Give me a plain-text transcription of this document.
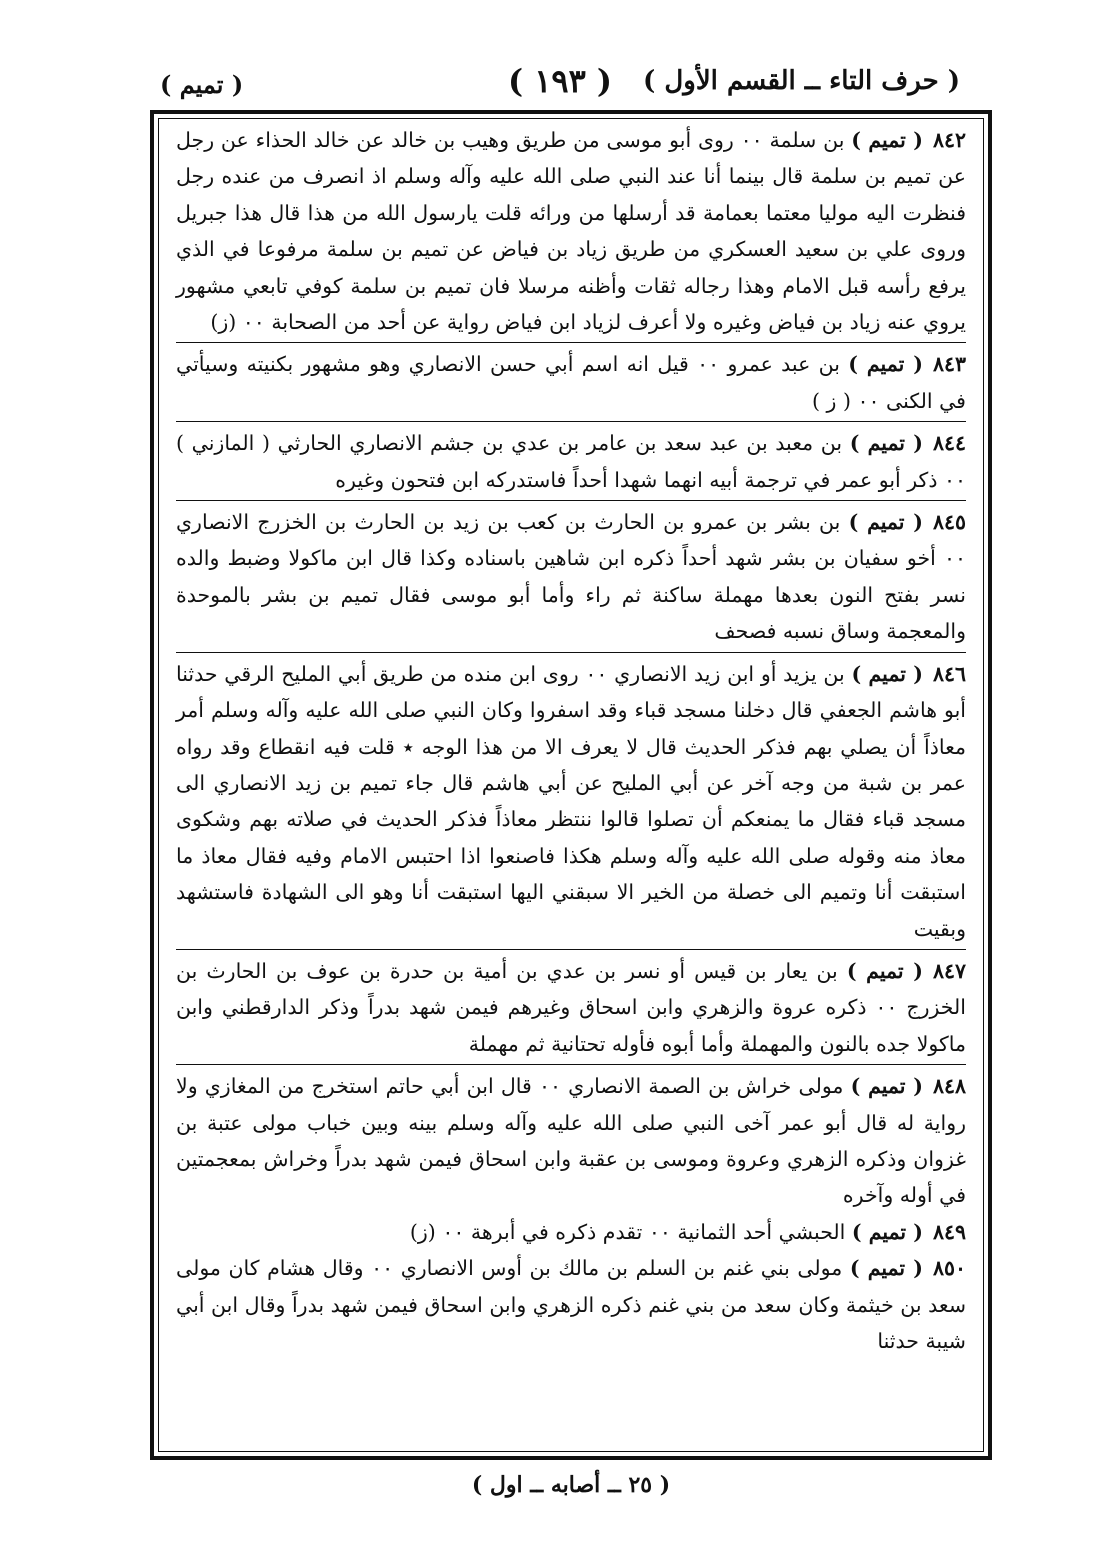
( حرف التاء ــ القسم الأول )
( ١٩٣ )
( تميم )

٨٤٢( تميم ) بن سلمة ٠٠ روى أبو موسى من طريق وهيب بن خالد عن خالد الحذاء عن رجل عن تميم بن سلمة قال بينما أنا عند النبي صلى الله عليه وآله وسلم اذ انصرف من عنده رجل فنظرت اليه موليا معتما بعمامة قد أرسلها من ورائه قلت يارسول الله من هذا قال هذا جبريل وروى علي بن سعيد العسكري من طريق زياد بن فياض عن تميم بن سلمة مرفوعا في الذي يرفع رأسه قبل الامام وهذا رجاله ثقات وأظنه مرسلا فان تميم بن سلمة كوفي تابعي مشهور يروي عنه زياد بن فياض وغيره ولا أعرف لزياد ابن فياض رواية عن أحد من الصحابة ٠٠ (ز)

٨٤٣( تميم ) بن عبد عمرو ٠٠ قيل انه اسم أبي حسن الانصاري وهو مشهور بكنيته وسيأتي في الكنى ٠٠ ( ز )

٨٤٤( تميم ) بن معبد بن عبد سعد بن عامر بن عدي بن جشم الانصاري الحارثي ( المازني ) ٠٠ ذكر أبو عمر في ترجمة أبيه انهما شهدا أحداً فاستدركه ابن فتحون وغيره

٨٤٥( تميم ) بن بشر بن عمرو بن الحارث بن كعب بن زيد بن الحارث بن الخزرج الانصاري ٠٠ أخو سفيان بن بشر شهد أحداً ذكره ابن شاهين باسناده وكذا قال ابن ماكولا وضبط والده نسر بفتح النون بعدها مهملة ساكنة ثم راء وأما أبو موسى فقال تميم بن بشر بالموحدة والمعجمة وساق نسبه فصحف

٨٤٦( تميم ) بن يزيد أو ابن زيد الانصاري ٠٠ روى ابن منده من طريق أبي المليح الرقي حدثنا أبو هاشم الجعفي قال دخلنا مسجد قباء وقد اسفروا وكان النبي صلى الله عليه وآله وسلم أمر معاذاً أن يصلي بهم فذكر الحديث قال لا يعرف الا من هذا الوجه ٭ قلت فيه انقطاع وقد رواه عمر بن شبة من وجه آخر عن أبي المليح عن أبي هاشم قال جاء تميم بن زيد الانصاري الى مسجد قباء فقال ما يمنعكم أن تصلوا قالوا ننتظر معاذاً فذكر الحديث في صلاته بهم وشكوى معاذ منه وقوله صلى الله عليه وآله وسلم هكذا فاصنعوا اذا احتبس الامام وفيه فقال معاذ ما استبقت أنا وتميم الى خصلة من الخير الا سبقني اليها استبقت أنا وهو الى الشهادة فاستشهد وبقيت

٨٤٧( تميم ) بن يعار بن قيس أو نسر بن عدي بن أمية بن حدرة بن عوف بن الحارث بن الخزرج ٠٠ ذكره عروة والزهري وابن اسحاق وغيرهم فيمن شهد بدراً وذكر الدارقطني وابن ماكولا جده بالنون والمهملة وأما أبوه فأوله تحتانية ثم مهملة

٨٤٨( تميم ) مولى خراش بن الصمة الانصاري ٠٠ قال ابن أبي حاتم استخرج من المغازي ولا رواية له قال أبو عمر آخى النبي صلى الله عليه وآله وسلم بينه وبين خباب مولى عتبة بن غزوان وذكره الزهري وعروة وموسى بن عقبة وابن اسحاق فيمن شهد بدراً وخراش بمعجمتين في أوله وآخره

٨٤٩( تميم ) الحبشي أحد الثمانية ٠٠ تقدم ذكره في أبرهة ٠٠ (ز)

٨٥٠( تميم ) مولى بني غنم بن السلم بن مالك بن أوس الانصاري ٠٠ وقال هشام كان مولى سعد بن خيثمة وكان سعد من بني غنم ذكره الزهري وابن اسحاق فيمن شهد بدراً وقال ابن أبي شيبة حدثنا

( ٢٥ ــ أصابه ــ اول )
